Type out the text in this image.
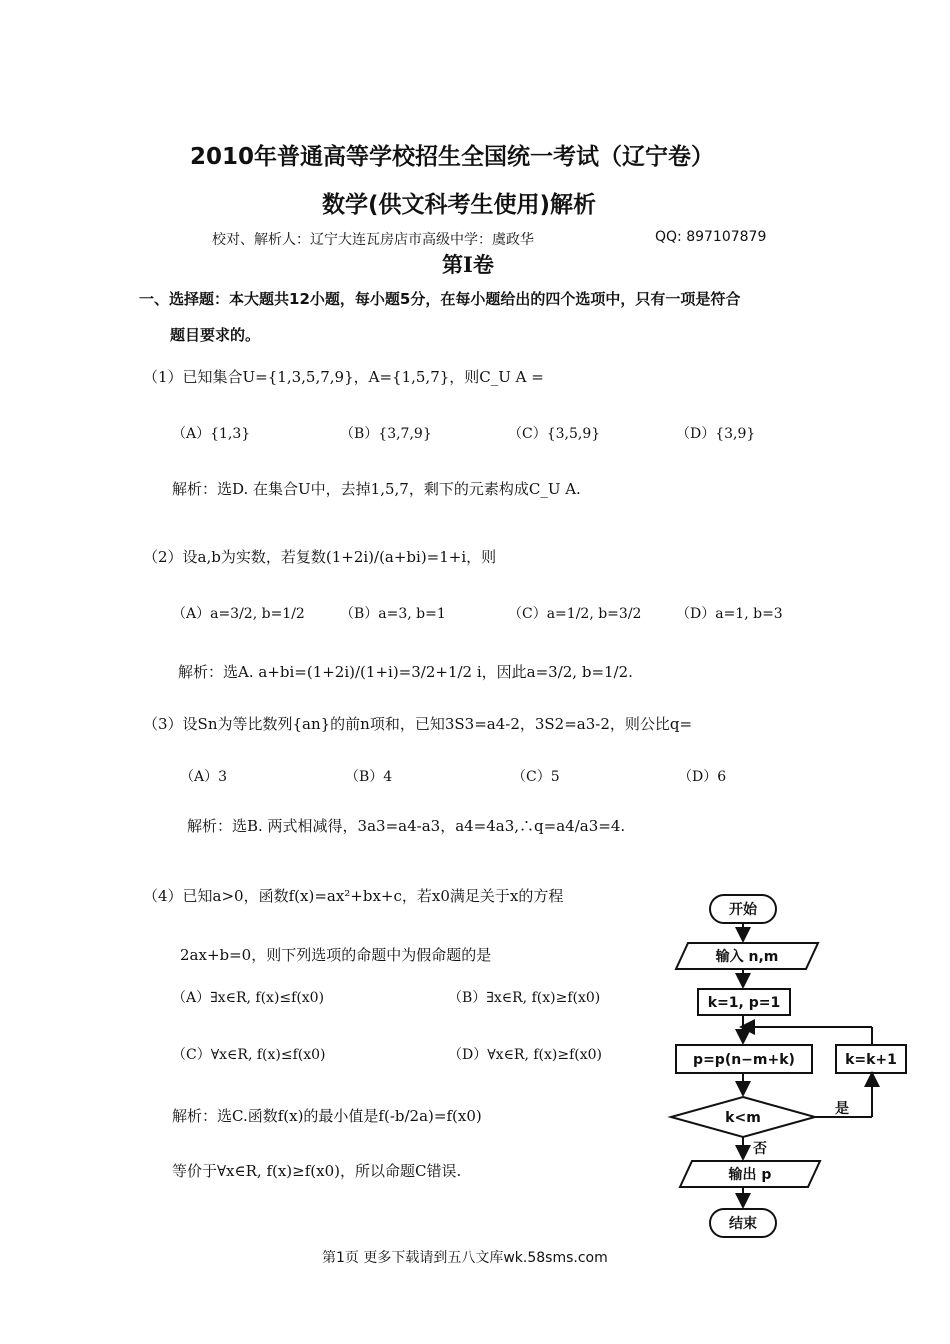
2010年普通高等学校招生全国统一考试（辽宁卷）
数学(供文科考生使用)解析
校对、解析人：辽宁大连瓦房店市高级中学：虞政华	QQ: 897107879
第Ⅰ卷
一、选择题：本大题共12小题，每小题5分，在每小题给出的四个选项中，只有一项是符合
题目要求的。
（1）已知集合U={1,3,5,7,9}，A={1,5,7}，则C_U A =
（A）{1,3}	（B）{3,7,9}	（C）{3,5,9}	（D）{3,9}
解析：选D. 在集合U中，去掉1,5,7，剩下的元素构成C_U A.
（2）设a,b为实数，若复数(1+2i)/(a+bi)=1+i，则
（A）a=3/2, b=1/2	（B）a=3, b=1	（C）a=1/2, b=3/2 （D）a=1, b=3
解析：选A. a+bi=(1+2i)/(1+i)=3/2+1/2 i，因此a=3/2, b=1/2.
（3）设Sn为等比数列{an}的前n项和，已知3S3=a4-2，3S2=a3-2，则公比q=
（A）3	（B）4	（C）5	（D）6
解析：选B. 两式相减得，3a3=a4-a3，a4=4a3,∴q=a4/a3=4.
（4）已知a>0，函数f(x)=ax²+bx+c，若x0满足关于x的方程
2ax+b=0，则下列选项的命题中为假命题的是
（A）∃x∈R, f(x)≤f(x0)	（B）∃x∈R, f(x)≥f(x0)
（C）∀x∈R, f(x)≤f(x0)	（D）∀x∈R, f(x)≥f(x0)
解析：选C.函数f(x)的最小值是f(-b/2a)=f(x0)
等价于∀x∈R, f(x)≥f(x0)，所以命题C错误.
开始
输入 n,m
k=1, p=1
p=p(n−m+k)	k=k+1
k<m
是
否
输出 p
结束
第1页 更多下载请到五八文库wk.58sms.com
